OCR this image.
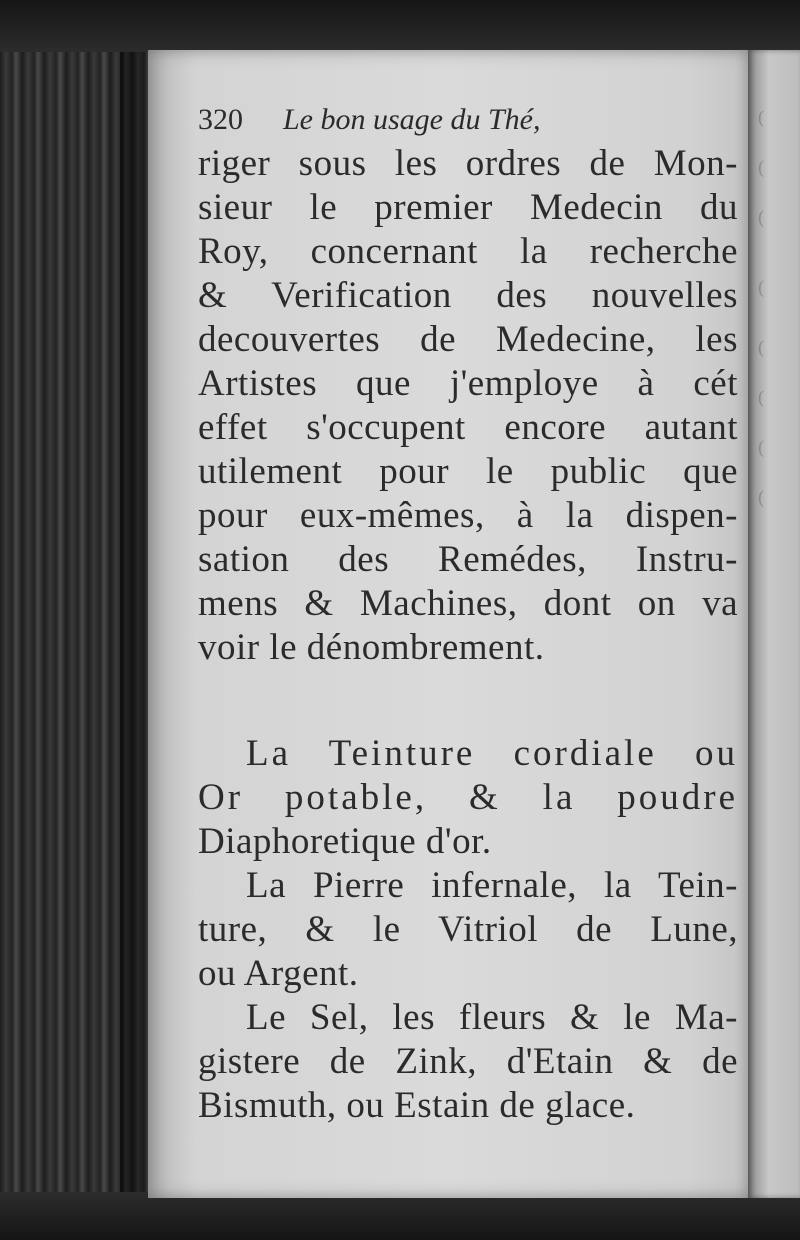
(
(
(
(
(
(
(
(
320 Le bon usage du Thé,
riger sous les ordres de Mon-
sieur le premier Medecin du
Roy, concernant la recherche
& Verification des nouvelles
decouvertes de Medecine, les
Artistes que j'employe à cét
effet s'occupent encore autant
utilement pour le public que
pour eux-mêmes, à la dispen-
sation des Remédes, Instru-
mens & Machines, dont on va
voir le dénombrement.
La Teinture cordiale ou
Or potable, & la poudre
Diaphoretique d'or.
La Pierre infernale, la Tein-
ture, & le Vitriol de Lune,
ou Argent.
Le Sel, les fleurs & le Ma-
gistere de Zink, d'Etain & de
Bismuth, ou Estain de glace.
